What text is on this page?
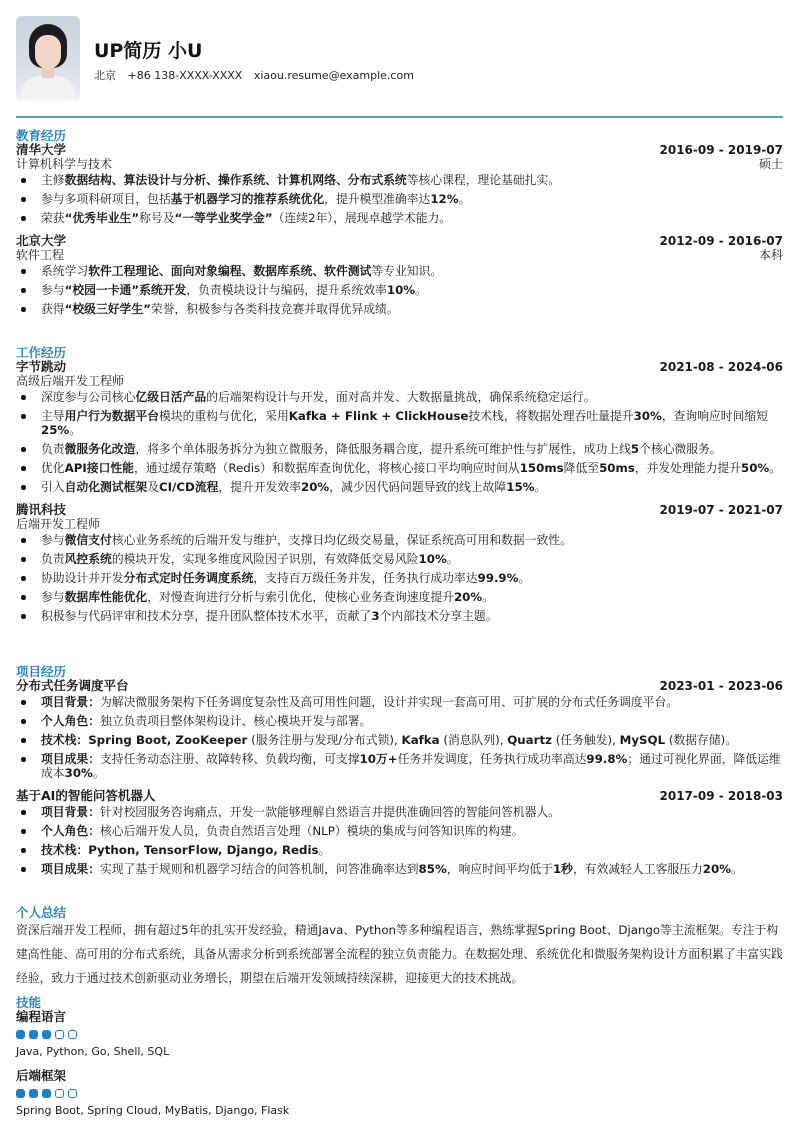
UP简历 小U
北京 +86 138-XXXX-XXXX xiaou.resume@example.com
教育经历
清华大学	2016-09 - 2019-07
计算机科学与技术	硕士
主修数据结构、算法设计与分析、操作系统、计算机网络、分布式系统等核心课程，理论基础扎实。
参与多项科研项目，包括基于机器学习的推荐系统优化，提升模型准确率达12%。
荣获“优秀毕业生”称号及“一等学业奖学金”（连续2年），展现卓越学术能力。
北京大学	2012-09 - 2016-07
软件工程	本科
系统学习软件工程理论、面向对象编程、数据库系统、软件测试等专业知识。
参与“校园一卡通”系统开发，负责模块设计与编码，提升系统效率10%。
获得“校级三好学生”荣誉，积极参与各类科技竞赛并取得优异成绩。
工作经历
字节跳动	2021-08 - 2024-06
高级后端开发工程师
深度参与公司核心亿级日活产品的后端架构设计与开发，面对高并发、大数据量挑战，确保系统稳定运行。
主导用户行为数据平台模块的重构与优化，采用Kafka + Flink + ClickHouse技术栈，将数据处理吞吐量提升30%，查询响应时间缩短25%。
负责微服务化改造，将多个单体服务拆分为独立微服务，降低服务耦合度，提升系统可维护性与扩展性，成功上线5个核心微服务。
优化API接口性能，通过缓存策略（Redis）和数据库查询优化，将核心接口平均响应时间从150ms降低至50ms，并发处理能力提升50%。
引入自动化测试框架及CI/CD流程，提升开发效率20%，减少因代码问题导致的线上故障15%。
腾讯科技	2019-07 - 2021-07
后端开发工程师
参与微信支付核心业务系统的后端开发与维护，支撑日均亿级交易量，保证系统高可用和数据一致性。
负责风控系统的模块开发，实现多维度风险因子识别，有效降低交易风险10%。
协助设计并开发分布式定时任务调度系统，支持百万级任务并发，任务执行成功率达99.9%。
参与数据库性能优化，对慢查询进行分析与索引优化，使核心业务查询速度提升20%。
积极参与代码评审和技术分享，提升团队整体技术水平，贡献了3个内部技术分享主题。
项目经历
分布式任务调度平台	2023-01 - 2023-06
项目背景：为解决微服务架构下任务调度复杂性及高可用性问题，设计并实现一套高可用、可扩展的分布式任务调度平台。
个人角色：独立负责项目整体架构设计、核心模块开发与部署。
技术栈：Spring Boot, ZooKeeper (服务注册与发现/分布式锁), Kafka (消息队列), Quartz (任务触发), MySQL (数据存储)。
项目成果：支持任务动态注册、故障转移、负载均衡，可支撑10万+任务并发调度，任务执行成功率高达99.8%；通过可视化界面，降低运维成本30%。
基于AI的智能问答机器人	2017-09 - 2018-03
项目背景：针对校园服务咨询痛点，开发一款能够理解自然语言并提供准确回答的智能问答机器人。
个人角色：核心后端开发人员，负责自然语言处理（NLP）模块的集成与问答知识库的构建。
技术栈：Python, TensorFlow, Django, Redis。
项目成果：实现了基于规则和机器学习结合的问答机制，问答准确率达到85%，响应时间平均低于1秒，有效减轻人工客服压力20%。
个人总结
资深后端开发工程师，拥有超过5年的扎实开发经验，精通Java、Python等多种编程语言，熟练掌握Spring Boot、Django等主流框架。专注于构建高性能、高可用的分布式系统，具备从需求分析到系统部署全流程的独立负责能力。在数据处理、系统优化和微服务架构设计方面积累了丰富实践经验，致力于通过技术创新驱动业务增长，期望在后端开发领域持续深耕，迎接更大的技术挑战。
技能
编程语言
Java, Python, Go, Shell, SQL
后端框架
Spring Boot, Spring Cloud, MyBatis, Django, Flask
